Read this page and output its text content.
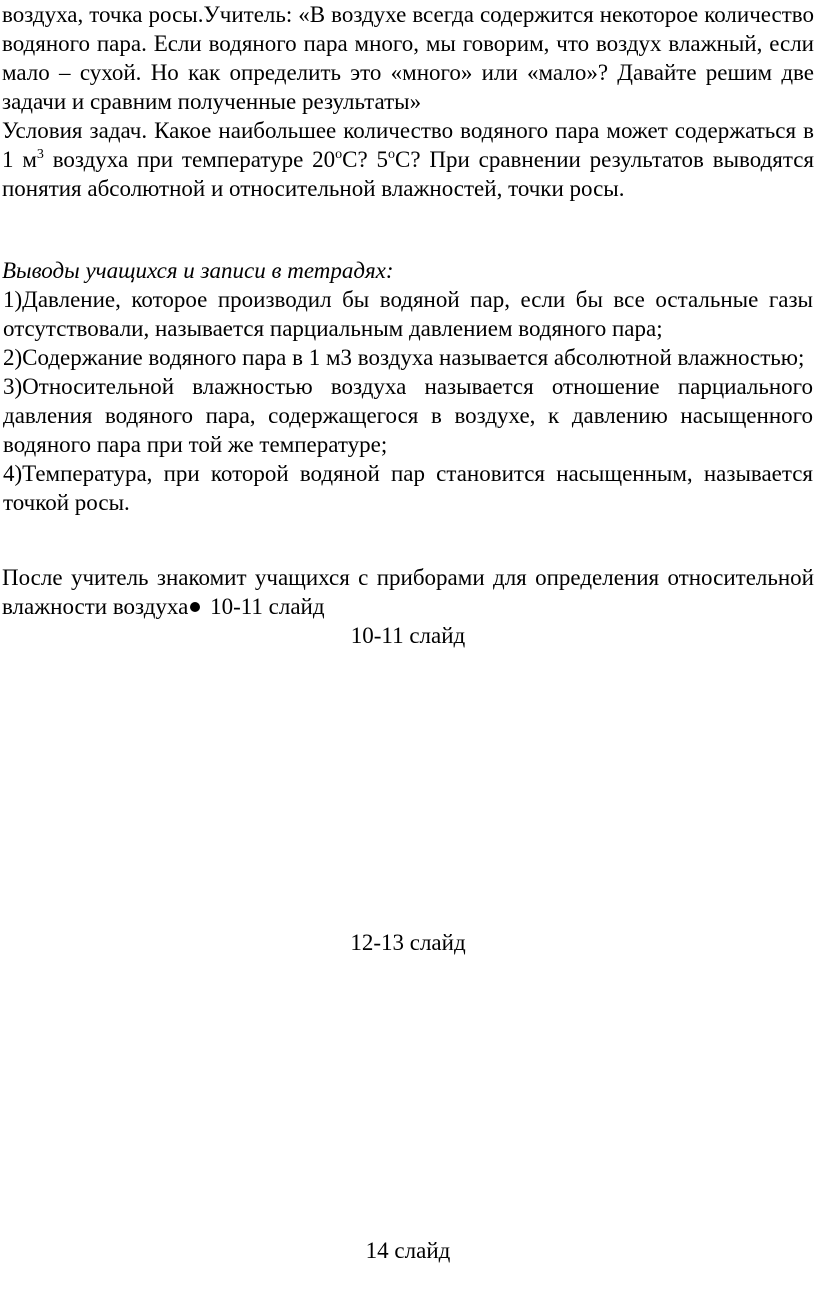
воздуха, точка росы.Учитель: «В воздухе всегда содержится некоторое количество водяного пара. Если водяного пара много, мы говорим, что воздух влажный, если мало – сухой. Но как определить это «много» или «мало»? Давайте решим две задачи и сравним полученные результаты»

Условия задач. Какое наибольшее количество водяного пара может содержаться в 1 $м^3$ воздуха при температуре 20$^o$С? 5$^o$С? При сравнении результатов выводятся понятия абсолютной и относительной влажностей, точки росы.

Выводы учащихся и записи в тетрадях:

1)Давление, которое производил бы водяной пар, если бы все остальные газы отсутствовали, называется парциальным давлением водяного пара;

2)Содержание водяного пара в 1 м3 воздуха называется абсолютной влажностью;

3)Относительной влажностью воздуха называется отношение парциального давления водяного пара, содержащегося в воздухе, к давлению насыщенного водяного пара при той же температуре;

4)Температура, при которой водяной пар становится насыщенным, называется точкой росы.

После учитель знакомит учащихся с приборами для определения относительной влажности воздуха 10-11 слайд

10-11 слайд

12-13 слайд

14 слайд
